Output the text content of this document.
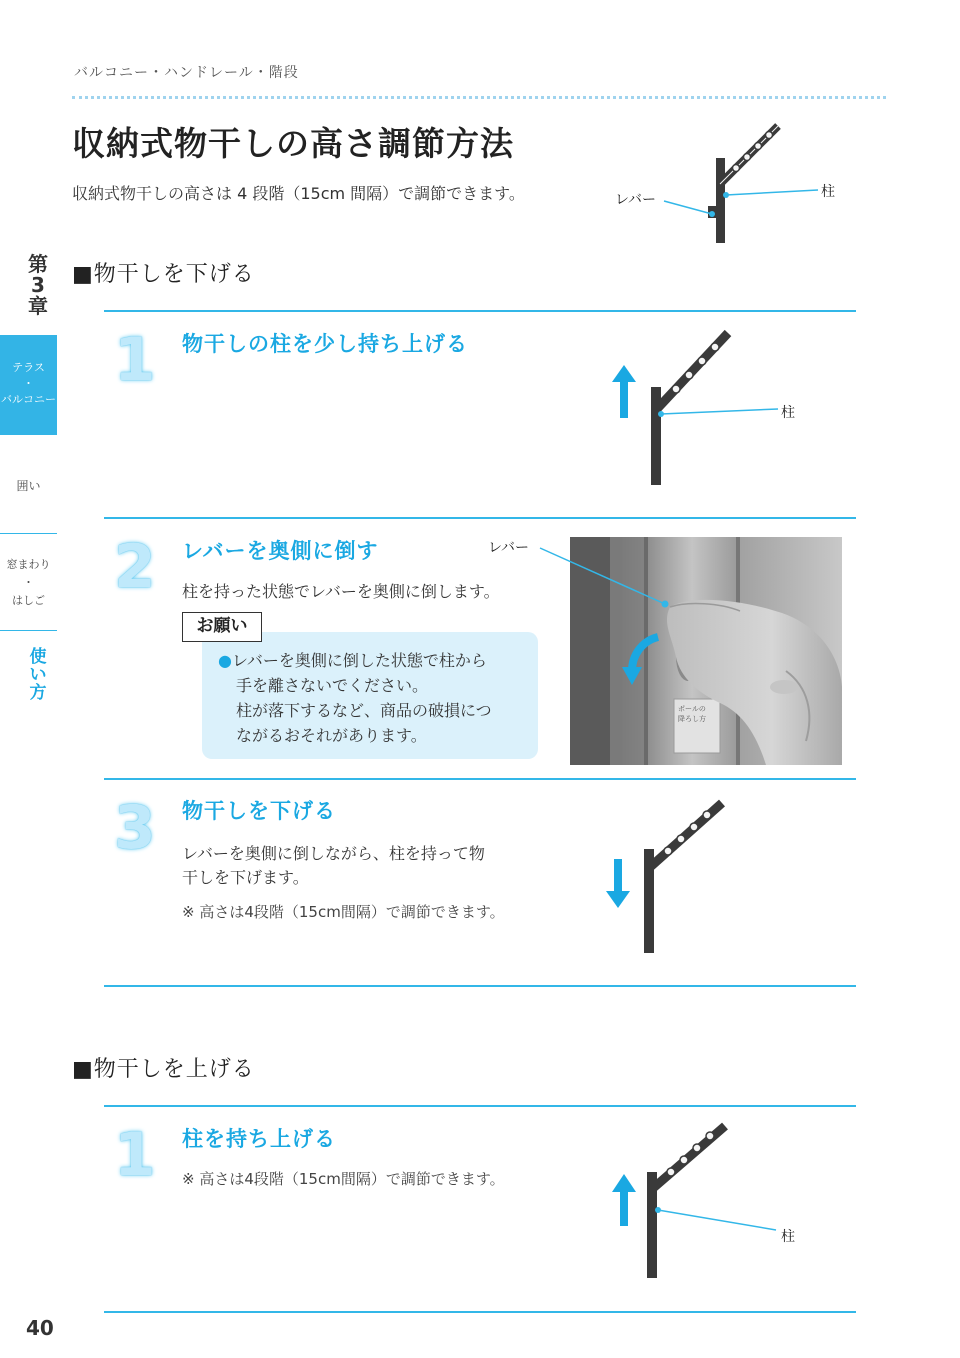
バルコニー・ハンドレール・階段
収納式物干しの高さ調節方法
収納式物干しの高さは 4 段階（15cm 間隔）で調節できます。	レバー	柱
第
3
章
テラス
・
バルコニー
囲い
窓まわり
・
はしご
使
い
方
■物干しを下げる
1 物干しの柱を少し持ち上げる
柱
2 レバーを奥側に倒す	レバー
柱を持った状態でレバーを奥側に倒します。
お願い
●レバーを奥側に倒した状態で柱から
手を離さないでください。
柱が落下するなど、商品の破損につ
ながるおそれがあります。
ポールの
降ろし方
3 物干しを下げる
レバーを奥側に倒しながら、柱を持って物
干しを下げます。
※ 高さは4段階（15cm間隔）で調節できます。
■物干しを上げる
1 柱を持ち上げる
※ 高さは4段階（15cm間隔）で調節できます。
柱
40
